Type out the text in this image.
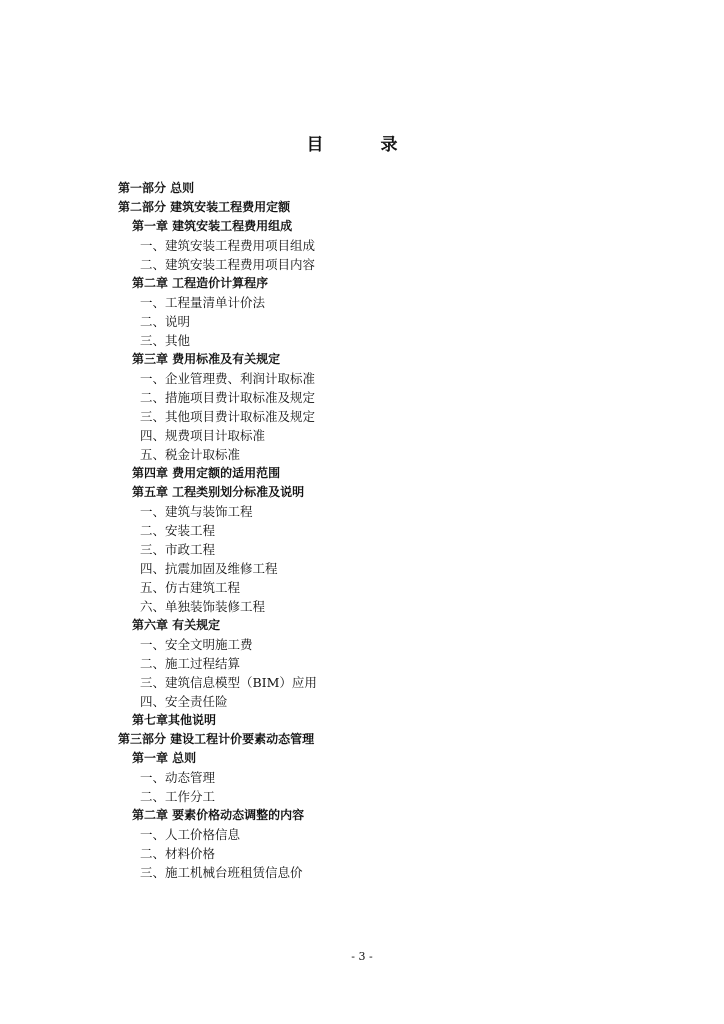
目　录
第一部分 总则
第二部分 建筑安装工程费用定额
第一章 建筑安装工程费用组成
一、建筑安装工程费用项目组成
二、建筑安装工程费用项目内容
第二章 工程造价计算程序
一、工程量清单计价法
二、说明
三、其他
第三章 费用标准及有关规定
一、企业管理费、利润计取标准
二、措施项目费计取标准及规定
三、其他项目费计取标准及规定
四、规费项目计取标准
五、税金计取标准
第四章 费用定额的适用范围
第五章 工程类别划分标准及说明
一、建筑与装饰工程
二、安装工程
三、市政工程
四、抗震加固及维修工程
五、仿古建筑工程
六、单独装饰装修工程
第六章 有关规定
一、安全文明施工费
二、施工过程结算
三、建筑信息模型（BIM）应用
四、安全责任险
第七章其他说明
第三部分 建设工程计价要素动态管理
第一章 总则
一、动态管理
二、工作分工
第二章 要素价格动态调整的内容
一、人工价格信息
二、材料价格
三、施工机械台班租赁信息价
- 3 -
